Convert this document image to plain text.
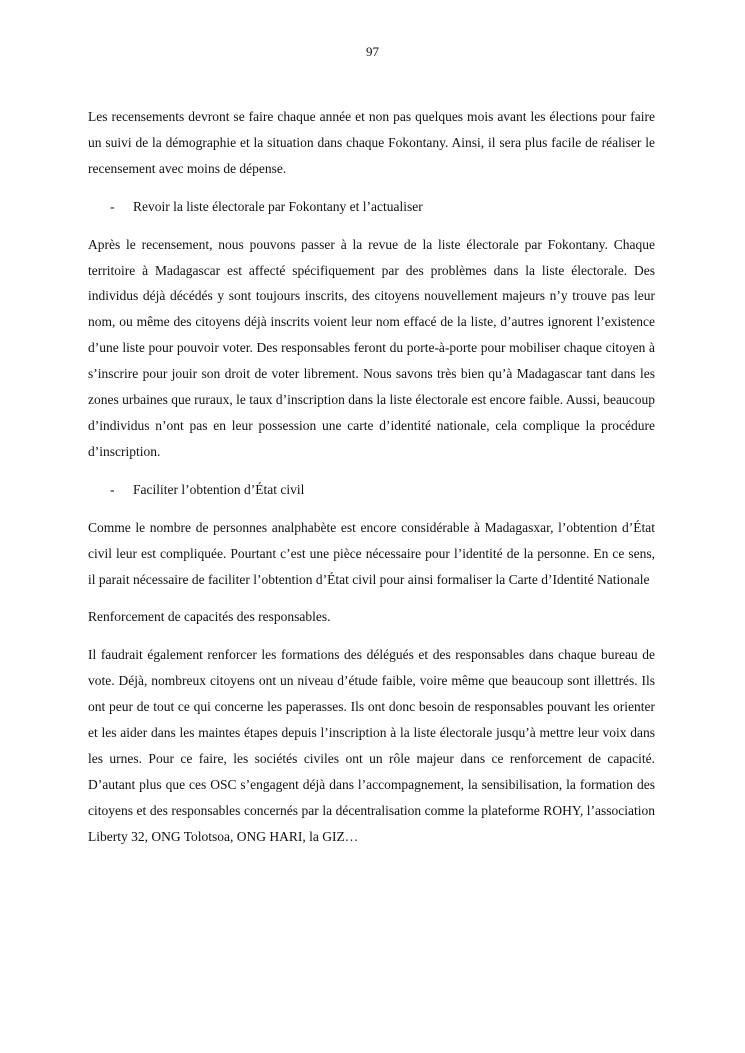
97

Les recensements devront se faire chaque année et non pas quelques mois avant les élections pour faire un suivi de la démographie et la situation dans chaque Fokontany. Ainsi, il sera plus facile de réaliser le recensement avec moins de dépense.

-	Revoir la liste électorale par Fokontany et l’actualiser

Après le recensement, nous pouvons passer à la revue de la liste électorale par Fokontany. Chaque territoire à Madagascar est affecté spécifiquement par des problèmes dans la liste électorale. Des individus déjà décédés y sont toujours inscrits, des citoyens nouvellement majeurs n’y trouve pas leur nom, ou même des citoyens déjà inscrits voient leur nom effacé de la liste, d’autres ignorent l’existence d’une liste pour pouvoir voter. Des responsables feront du porte-à-porte pour mobiliser chaque citoyen à s’inscrire pour jouir son droit de voter librement. Nous savons très bien qu’à Madagascar tant dans les zones urbaines que ruraux, le taux d’inscription dans la liste électorale est encore faible. Aussi, beaucoup d’individus n’ont pas en leur possession une carte d’identité nationale, cela complique la procédure d’inscription.

-	Faciliter l’obtention d’État civil

Comme le nombre de personnes analphabète est encore considérable à Madagasxar, l’obtention d’État civil leur est compliquée. Pourtant c’est une pièce nécessaire pour l’identité de la personne. En ce sens, il parait nécessaire de faciliter l’obtention d’État civil pour ainsi formaliser la Carte d’Identité Nationale

Renforcement de capacités des responsables.

Il faudrait également renforcer les formations des délégués et des responsables dans chaque bureau de vote. Déjà, nombreux citoyens ont un niveau d’étude faible, voire même que beaucoup sont illettrés. Ils ont peur de tout ce qui concerne les paperasses. Ils ont donc besoin de responsables pouvant les orienter et les aider dans les maintes étapes depuis l’inscription à la liste électorale jusqu’à mettre leur voix dans les urnes. Pour ce faire, les sociétés civiles ont un rôle majeur dans ce renforcement de capacité. D’autant plus que ces OSC s’engagent déjà dans l’accompagnement, la sensibilisation, la formation des citoyens et des responsables concernés par la décentralisation comme la plateforme ROHY, l’association Liberty 32, ONG Tolotsoa, ONG HARI, la GIZ…
